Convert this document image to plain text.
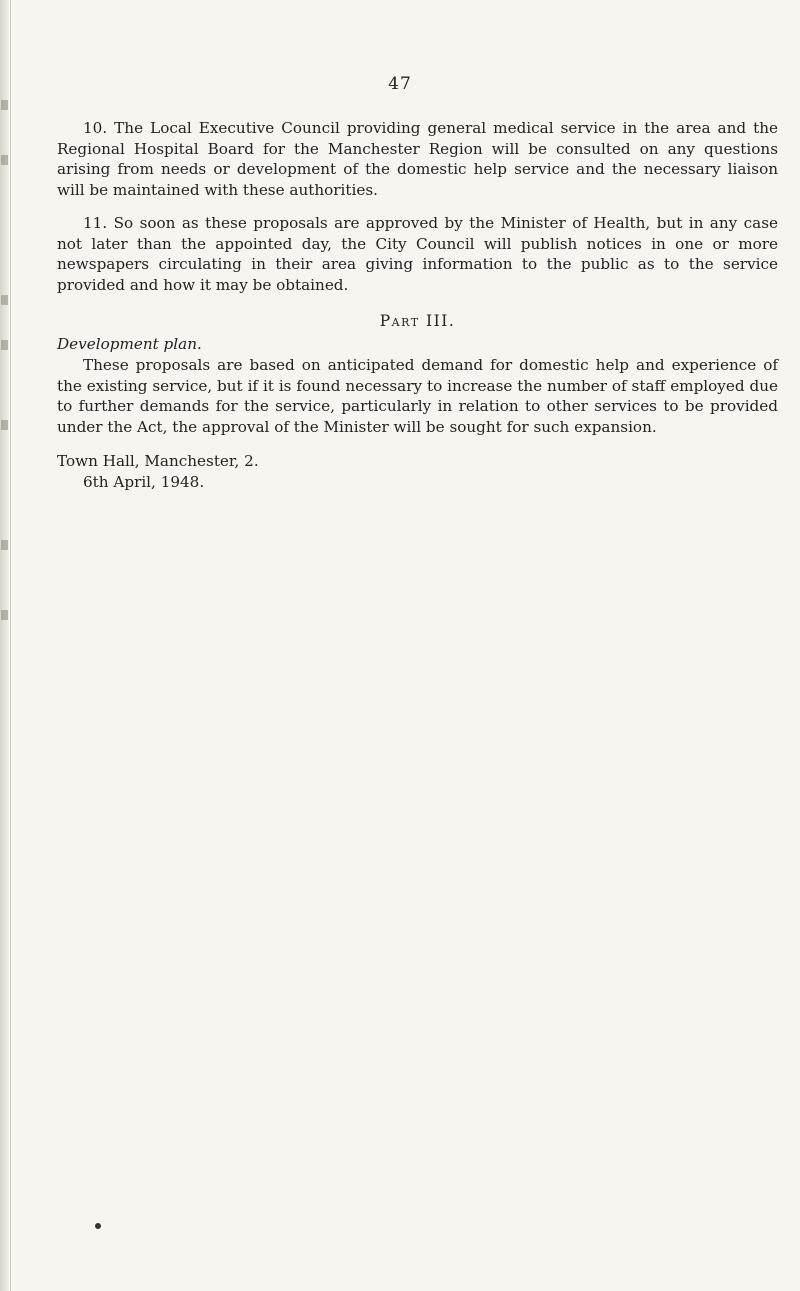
47

10. The Local Executive Council providing general medical service in the area and the Regional Hospital Board for the Manchester Region will be consulted on any questions arising from needs or development of the domestic help service and the necessary liaison will be maintained with these authorities.

11. So soon as these proposals are approved by the Minister of Health, but in any case not later than the appointed day, the City Council will publish notices in one or more newspapers circulating in their area giving information to the public as to the service provided and how it may be obtained.

Part III.
Development plan.

These proposals are based on anticipated demand for domestic help and experience of the existing service, but if it is found necessary to increase the number of staff employed due to further demands for the service, particularly in relation to other services to be provided under the Act, the approval of the Minister will be sought for such expansion.

Town Hall, Manchester, 2.
6th April, 1948.
